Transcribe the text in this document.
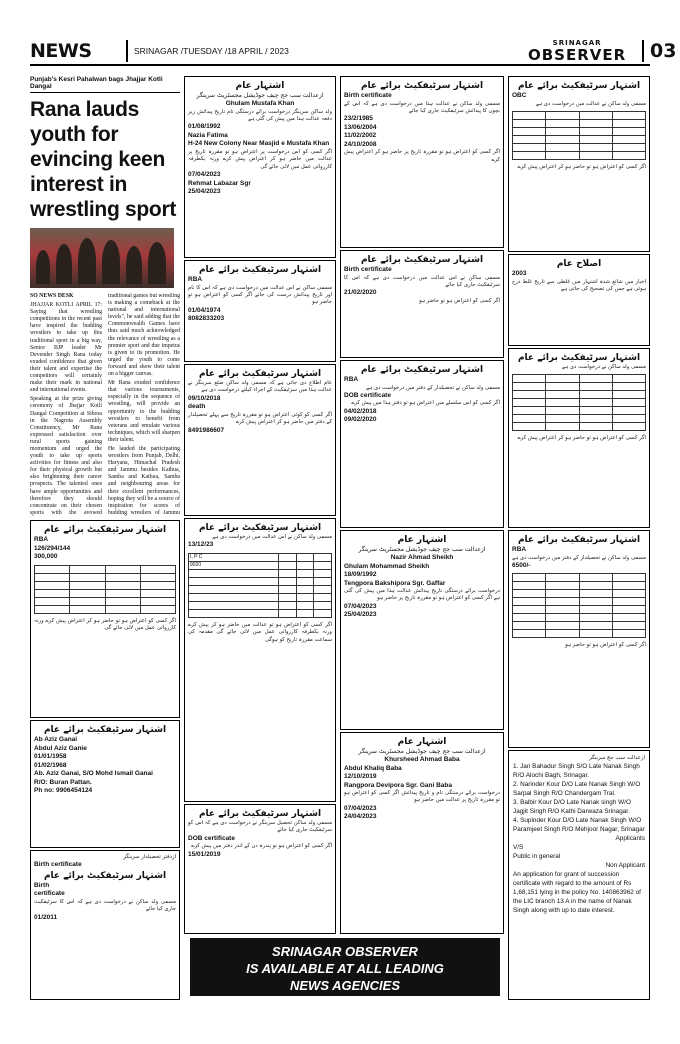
NEWS	SRINAGAR /TUESDAY /18 APRIL / 2023
SRINAGAR
OBSERVER 03
Punjab's Kesri Pahalwan bags Jhajjar Kotli Dangal
Rana lauds youth for evincing keen interest in wrestling sport

SO NEWS DESK

JHAJJAR KOTLI APRIL 17: Saying that wrestling competitions in the recent past have inspired the budding wrestlers to take up this traditional sport in a big way, Senior BJP leader Mr Devender Singh Rana today exuded confidence that given their talent and expertise the competitors will certainly make their mark in national and international events.

Speaking at the prize giving ceremony of Jhajjar Kotli Dangal Competition at Sihora in the Nagrota Assembly Constituency, Mr Rana expressed satisfaction over rural sports gaining momentum and urged the youth to take up sports activities for fitness and also for their physical growth but also brightening their career prospects. The talented ones have ample opportunities and therefore they should concentrate on their chosen sports with the avowed

traditional games but wrestling is making a comeback at the national and international levels", he said adding that the Commonwealth Games have thus said much acknowledged the relevance of wrestling as a premier sport and due impetus is given to its promotion. He urged the youth to come forward and show their talent on a bigger canvas.

Mr Rana exuded confidence that various tournaments, especially in the sequence of wrestling, will provide an opportunity to the budding wrestlers to benefit from veterans and emulate various techniques, which will sharpen their talent.

He lauded the participating wrestlers from Punjab, Delhi, Haryana, Himachal Pradesh and Jammu besides Kathua, Samba and Kathua, Samba and neighbouring areas for their excellent performances, hoping they will be a source of inspiration for scores of budding wrestlers of Jammu

اشتہار عام
ازعدالت سب جج چیف جوڈیشل مجسٹریٹ سرینگر
Ghulam Mustafa Khan
ولد ساکن سرینگر درخواست برائے درستگی نام تاریخ پیدائش زیر دفعہ عدالت ہذا میں پیش کی گئی ہے
01/08/1992
Nazia Fatima
H-24 New Colony Near Masjid e Mustafa Khan
اگر کسی کو اس درخواست پر اعتراض ہو تو مقررہ تاریخ پر عدالت میں حاضر ہو کر اعتراض پیش کرے ورنہ یکطرفہ کارروائی عمل میں لائی جائے گی
07/04/2023
Rehmat Labazar Sgr
25/04/2023
اشتہار سرٹیفکیٹ برائے عام
RBA
مسمی ساکن نے اس عدالت میں درخواست دی ہے کہ اس کا نام اور تاریخ پیدائش درست کی جائے اگر کسی کو اعتراض ہو تو حاضر ہو
01/04/1974
8082833203
اشتہار سرٹیفکیٹ برائے عام
عام اطلاع دی جاتی ہے کہ مسمی ولد ساکن ضلع سرینگر نے عدالت ہذا میں سرٹیفکیٹ کے اجراء کیلئے درخواست دی ہے
09/10/2018
death
اگر کسی کو کوئی اعتراض ہو تو مقررہ تاریخ سے پہلے تحصیلدار کے دفتر میں حاضر ہو کر اعتراض پیش کرے
8491986607
اشتہار سرٹیفکیٹ برائے عام
مسمی ولد ساکن نے اس عدالت میں درخواست دی ہے
13/12/23
I, P C			
9020			

اگر کسی کو اعتراض ہو تو عدالت میں حاضر ہو کر پیش کرے ورنہ یکطرفہ کارروائی عمل میں لائی جائے گی مقدمہ کی سماعت مقررہ تاریخ کو ہوگی
اشتہار سرٹیفکیٹ برائے عام
مسمی ولد ساکن تحصیل سرینگر نے درخواست دی ہے کہ اس کو سرٹیفکیٹ جاری کیا جائے
DOB certificate
اگر کسی کو اعتراض ہو تو پندرہ دن کے اندر دفتر میں پیش کرے
15/01/2019
اشتہار سرٹیفکیٹ برائے عام
Birth certificate
مسمی ولد ساکن نے عدالت ہذا میں درخواست دی ہے کہ اس کے بچوں کا پیدائش سرٹیفکیٹ جاری کیا جائے
23/2/1985
13/06/2004
11/02/2002
24/10/2008
اگر کسی کو اعتراض ہو تو مقررہ تاریخ پر حاضر ہو کر اعتراض پیش کرے
اشتہار سرٹیفکیٹ برائے عام
Birth certificate
مسمی ساکن نے اس عدالت میں درخواست دی ہے کہ اس کا سرٹیفکیٹ جاری کیا جائے
21/02/2020
اگر کسی کو اعتراض ہو تو حاضر ہو
اشتہار سرٹیفکیٹ برائے عام
RBA
مسمی ولد ساکن نے تحصیلدار کے دفتر میں درخواست دی ہے
DOB certificate
اگر کسی کو اس سلسلے میں اعتراض ہو تو دفتر ہذا میں پیش کرے
04/02/2018
09/02/2020
اشتہار عام
ازعدالت سب جج چیف جوڈیشل مجسٹریٹ سرینگر
Nazir Ahmad Sheikh
Ghulam Mohammad Sheikh
18/09/1992
Tengpora Bakshipora Sgr. Gaffar
درخواست برائے درستگی تاریخ پیدائش عدالت ہذا میں پیش کی گئی ہے اگر کسی کو اعتراض ہو تو مقررہ تاریخ پر حاضر ہو
07/04/2023
25/04/2023
اشتہار عام
ازعدالت سب جج چیف جوڈیشل مجسٹریٹ سرینگر
Khursheed Ahmad Baba
Abdul Khaliq Baba
12/10/2019
Rangpora Devipora Sgr. Gani Baba
درخواست برائے درستگی نام و تاریخ پیدائش اگر کسی کو اعتراض ہو تو مقررہ تاریخ پر عدالت میں حاضر ہو
07/04/2023
24/04/2023
اشتہار سرٹیفکیٹ برائے عام
OBC
مسمی ولد ساکن نے عدالت میں درخواست دی ہے

اگر کسی کو اعتراض ہو تو حاضر ہو کر اعتراض پیش کرے
اصلاح عام
2003
اخبار میں شائع شدہ اشتہار میں غلطی سے تاریخ غلط درج ہوئی ہے جس کی تصحیح کی جاتی ہے
اشتہار سرٹیفکیٹ برائے عام
مسمی ولد ساکن نے درخواست دی ہے

اگر کسی کو اعتراض ہو تو حاضر ہو کر اعتراض پیش کرے
اشتہار سرٹیفکیٹ برائے عام
RBA
مسمی ولد ساکن نے تحصیلدار کے دفتر میں درخواست دی ہے
6500/-

اگر کسی کو اعتراض ہو تو حاضر ہو
ازعدالت سب جج سرینگر
1. Jan Bahadur Singh S/O Late Nanak Singh R/O Alochi Bagh, Srinagar.
2. Narinder Kour D/O Late Nanak Singh W/O Sarpal Singh R/O Chandergam Tral.
3. Balbir Kour D/O Late Nanak singh W/O Jagjit Singh R/O Kathi Darwaza Srinagar.
4. Supinder Kour D/O Late Nanak Singh W/O Paramjeet Singh R/O Mehjoor Nagar, Srinagar
Applicants
V/S
Public in general
Non Applicant
An application for grant of succession certificate with regard to the amount of Rs 1,68,151 lying in the policy No. 140863962 of the LIC branch 13 A in the name of Nanak Singh along with up to date interest.
اشتہار سرٹیفکیٹ برائے عام
RBA
126/294/144
300,000

اگر کسی کو اعتراض ہو تو حاضر ہو کر اعتراض پیش کرے ورنہ کارروائی عمل میں لائی جائے گی
اشتہار سرٹیفکیٹ برائے عام
Ab Aziz Ganai
Abdul Aziz Ganie
01/01/1958
01/02/1968
Ab. Aziz Ganai, S/O Mohd Ismail Ganai
R/O: Buran Pattan.
Ph no: 9906454124
ازدفتر تحصیلدار سرینگر
Birth certificate
اشتہار سرٹیفکیٹ برائے عام
Birth
certificate
مسمی ولد ساکن نے درخواست دی ہے کہ اس کا سرٹیفکیٹ جاری کیا جائے
01/2011
SRINAGAR OBSERVER
IS AVAILABLE AT ALL LEADING
NEWS AGENCIES
